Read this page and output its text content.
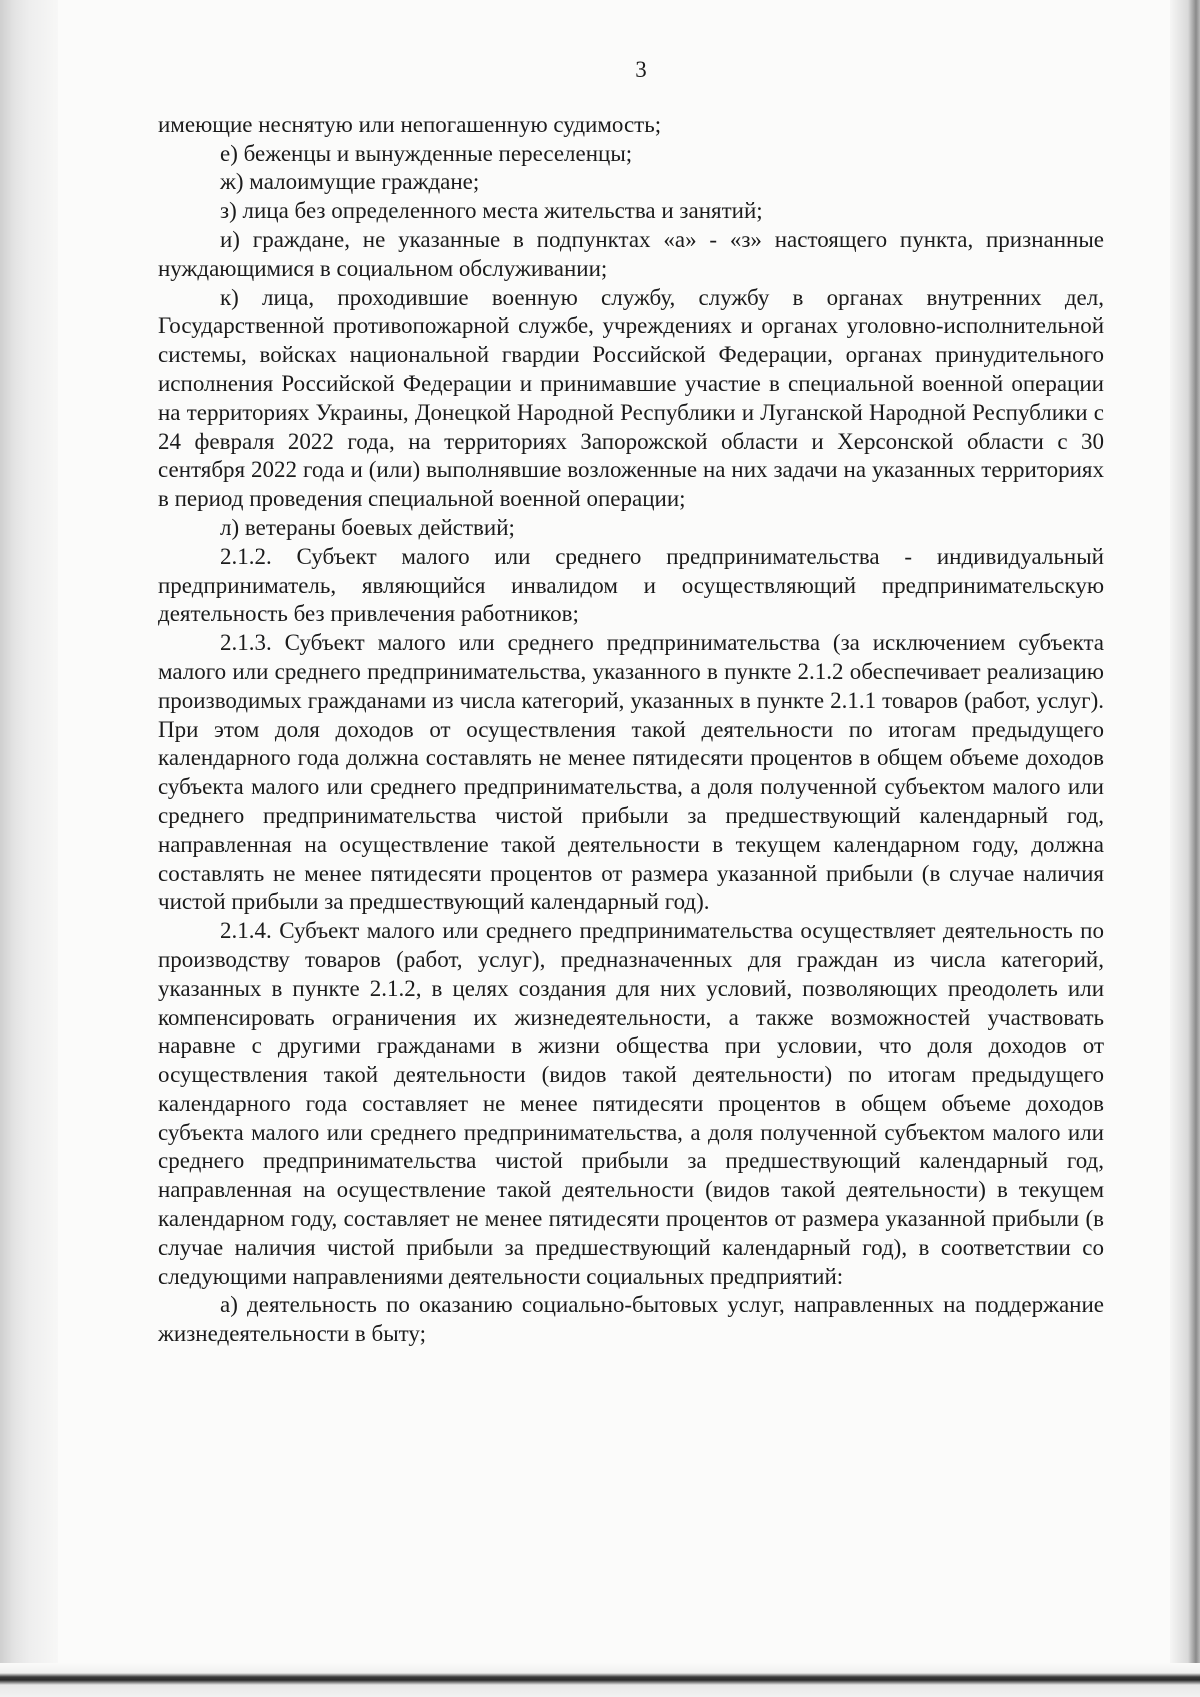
3

имеющие неснятую или непогашенную судимость;

е) беженцы и вынужденные переселенцы;

ж) малоимущие граждане;

з) лица без определенного места жительства и занятий;

и) граждане, не указанные в подпунктах «а» - «з» настоящего пункта, признанные нуждающимися в социальном обслуживании;

к) лица, проходившие военную службу, службу в органах внутренних дел, Государственной противопожарной службе, учреждениях и органах уголовно-исполнительной системы, войсках национальной гвардии Российской Федерации, органах принудительного исполнения Российской Федерации и принимавшие участие в специальной военной операции на территориях Украины, Донецкой Народной Республики и Луганской Народной Республики с 24 февраля 2022 года, на территориях Запорожской области и Херсонской области с 30 сентября 2022 года и (или) выполнявшие возложенные на них задачи на указанных территориях в период проведения специальной военной операции;

л) ветераны боевых действий;

2.1.2. Субъект малого или среднего предпринимательства - индивидуальный предприниматель, являющийся инвалидом и осуществляющий предпринимательскую деятельность без привлечения работников;

2.1.3. Субъект малого или среднего предпринимательства (за исключением субъекта малого или среднего предпринимательства, указанного в пункте 2.1.2 обеспечивает реализацию производимых гражданами из числа категорий, указанных в пункте 2.1.1 товаров (работ, услуг). При этом доля доходов от осуществления такой деятельности по итогам предыдущего календарного года должна составлять не менее пятидесяти процентов в общем объеме доходов субъекта малого или среднего предпринимательства, а доля полученной субъектом малого или среднего предпринимательства чистой прибыли за предшествующий календарный год, направленная на осуществление такой деятельности в текущем календарном году, должна составлять не менее пятидесяти процентов от размера указанной прибыли (в случае наличия чистой прибыли за предшествующий календарный год).

2.1.4. Субъект малого или среднего предпринимательства осуществляет деятельность по производству товаров (работ, услуг), предназначенных для граждан из числа категорий, указанных в пункте 2.1.2, в целях создания для них условий, позволяющих преодолеть или компенсировать ограничения их жизнедеятельности, а также возможностей участвовать наравне с другими гражданами в жизни общества при условии, что доля доходов от осуществления такой деятельности (видов такой деятельности) по итогам предыдущего календарного года составляет не менее пятидесяти процентов в общем объеме доходов субъекта малого или среднего предпринимательства, а доля полученной субъектом малого или среднего предпринимательства чистой прибыли за предшествующий календарный год, направленная на осуществление такой деятельности (видов такой деятельности) в текущем календарном году, составляет не менее пятидесяти процентов от размера указанной прибыли (в случае наличия чистой прибыли за предшествующий календарный год), в соответствии со следующими направлениями деятельности социальных предприятий:

а) деятельность по оказанию социально-бытовых услуг, направленных на поддержание жизнедеятельности в быту;
